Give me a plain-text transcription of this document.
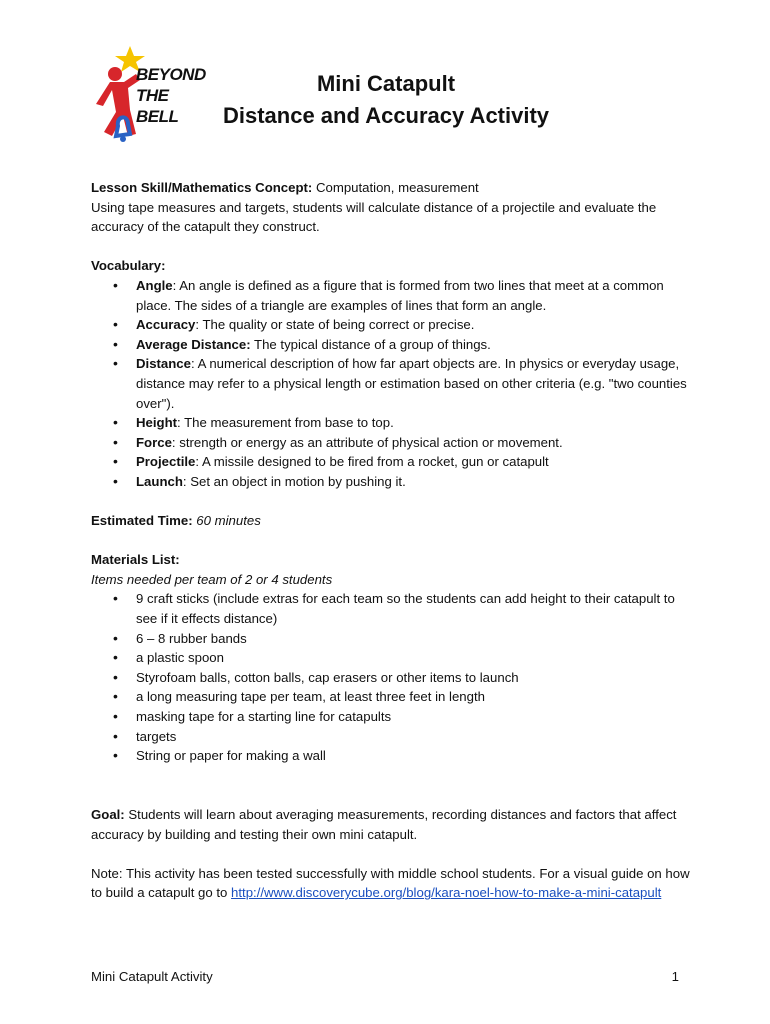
BEYOND
THE
BELL
Mini Catapult
Distance and Accuracy Activity

Lesson Skill/Mathematics Concept: Computation, measurement

Using tape measures and targets, students will calculate distance of a projectile and evaluate the accuracy of the catapult they construct.

Vocabulary:

• Angle: An angle is defined as a figure that is formed from two lines that meet at a common place. The sides of a triangle are examples of lines that form an angle.
• Accuracy: The quality or state of being correct or precise.
• Average Distance: The typical distance of a group of things.
• Distance: A numerical description of how far apart objects are. In physics or everyday usage, distance may refer to a physical length or estimation based on other criteria (e.g. "two counties over").
• Height: The measurement from base to top.
• Force: strength or energy as an attribute of physical action or movement.
• Projectile: A missile designed to be fired from a rocket, gun or catapult
• Launch: Set an object in motion by pushing it.

Estimated Time: 60 minutes

Materials List:

Items needed per team of 2 or 4 students

• 9 craft sticks (include extras for each team so the students can add height to their catapult to see if it effects distance)
• 6 – 8 rubber bands
• a plastic spoon
• Styrofoam balls, cotton balls, cap erasers or other items to launch
• a long measuring tape per team, at least three feet in length
• masking tape for a starting line for catapults
• targets
• String or paper for making a wall

Goal: Students will learn about averaging measurements, recording distances and factors that affect accuracy by building and testing their own mini catapult.

Note: This activity has been tested successfully with middle school students. For a visual guide on how to build a catapult go to http://www.discoverycube.org/blog/kara-noel-how-to-make-a-mini-catapult

Mini Catapult Activity	1
